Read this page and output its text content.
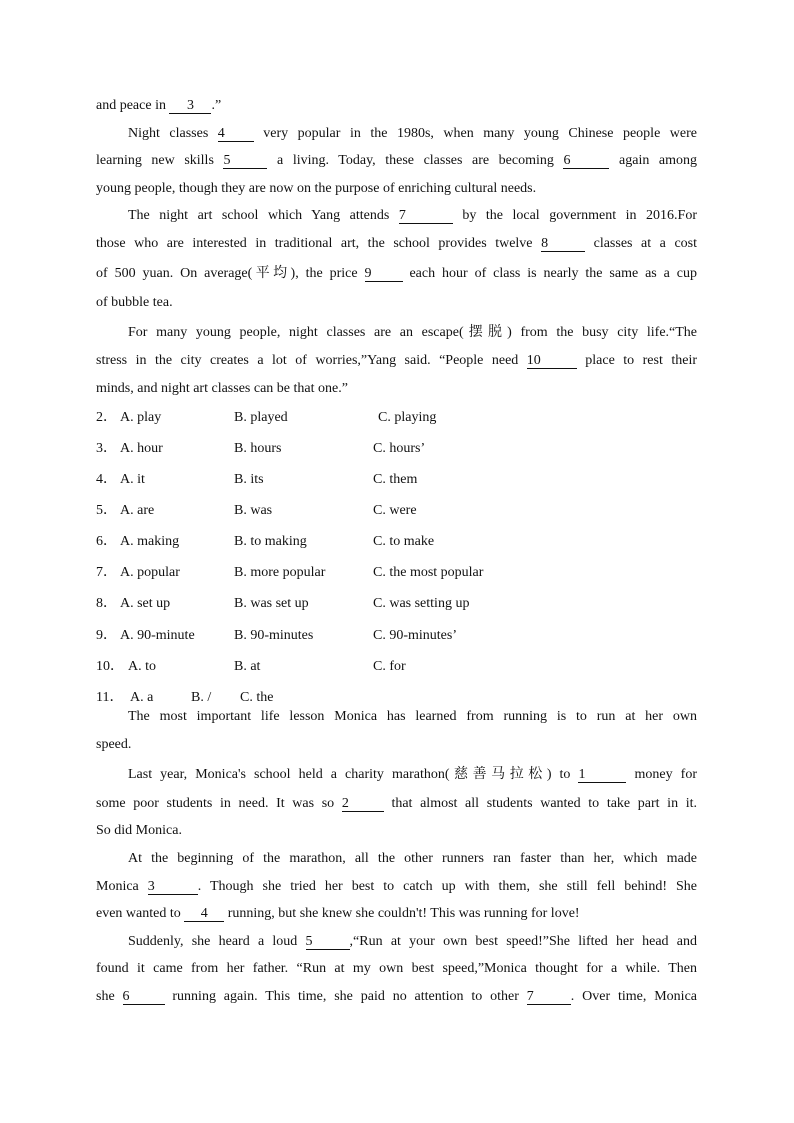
and peace in 3 .”
Night classes 4 very popular in the 1980s, when many young Chinese people were
learning new skills 5	a living. Today, these classes are becoming 6	again among
young people, though they are now on the purpose of enriching cultural needs.
The night art school which Yang attends 7	by the local government in 2016.For
those who are interested in traditional art, the school provides twelve 8	classes at a cost
of 500 yuan. On average(平均), the price 9 each hour of class is nearly the same as a cup
of bubble tea.
For many young people, night classes are an escape(摆脱) from the busy city life.“The
stress in the city creates a lot of worries,”Yang said. “People need 10	place to rest their
minds, and night art classes can be that one.”
2． A. play	B. played	C. playing
3． A. hour	B. hours	C. hours’
4． A. it	B. its	C. them
5． A. are	B. was	C. were
6． A. making	B. to making	C. to make
7． A. popular	B. more popular	C. the most popular
8． A. set up	B. was set up	C. was setting up
9． A. 90-minute	B. 90-minutes	C. 90-minutes’
10． A. to	B. at	C. for
11． A. a	B. / C. the
The most important life lesson Monica has learned from running is to run at her own
speed.
Last year, Monica's school held a charity marathon(慈善马拉松) to 1	money for
some poor students in need. It was so 2	that almost all students wanted to take part in it.
So did Monica.
At the beginning of the marathon, all the other runners ran faster than her, which made
Monica 3	. Though she tried her best to catch up with them, she still fell behind! She
even wanted to 4 running, but she knew she couldn't! This was running for love!
Suddenly, she heard a loud 5	,“Run at your own best speed!”She lifted her head and
found it came from her father. “Run at my own best speed,”Monica thought for a while. Then
she 6	running again. This time, she paid no attention to other 7	. Over time, Monica
